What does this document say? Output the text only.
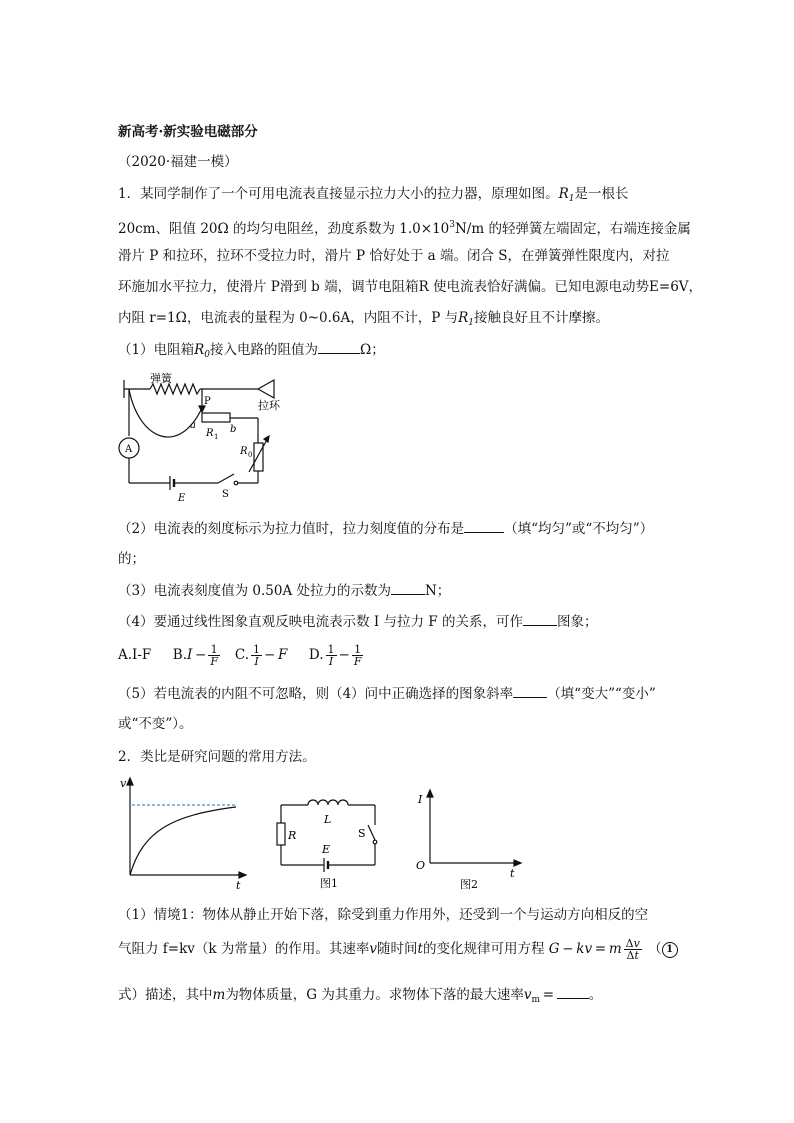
新高考·新实验电磁部分
（2020·福建一模）
1．某同学制作了一个可用电流表直接显示拉力大小的拉力器，原理如图。$R_1$是一根长
20cm、阻值 20Ω 的均匀电阻丝，劲度系数为 $1.0\times 10^3N/m$ 的轻弹簧左端固定，右端连接金属
滑片 P 和拉环，拉环不受拉力时，滑片 P 恰好处于 a 端。闭合 S，在弹簧弹性限度内，对拉
环施加水平拉力，使滑片 P滑到 b 端，调节电阻箱R 使电流表恰好满偏。已知电源电动势E=6V，
内阻 r=1Ω，电流表的量程为 0~0.6A，内阻不计，P 与$R_1$接触良好且不计摩擦。
（1）电阻箱$R_0$接入电路的阻值为	Ω；
弹簧
拉环
P
a	b
R 1
R 0
A
E	S
（2）电流表的刻度标示为拉力值时，拉力刻度值的分布是	（填“均匀”或“不均匀”）
的；
（3）电流表刻度值为 0.50A 处拉力的示数为	N；
（4）要通过线性图象直观反映电流表示数 I 与拉力 F 的关系，可作	图象；
A.I-F $B.I - \frac{1}{F} C$. $\frac{1}{I} - F$ D. $\frac{1}{I} - \frac{1}{F}$
（5）若电流表的内阻不可忽略，则（4）问中正确选择的图象斜率	（填“变大”“变小”
或“不变”）。
2．类比是研究问题的常用方法。
v
t
L
R
E
S
图1
I
O
t
图2
（1）情境1：物体从静止开始下落，除受到重力作用外，还受到一个与运动方向相反的空
气阻力 f=kv（k 为常量）的作用。其速率v随时间t的变化规律可用方程 G − kv = m $\frac{\Delta v}{\Delta t}$ （ 1
式）描述，其中m为物体质量，G 为其重力。求物体下落的最大速率$v_m$  = 	。
